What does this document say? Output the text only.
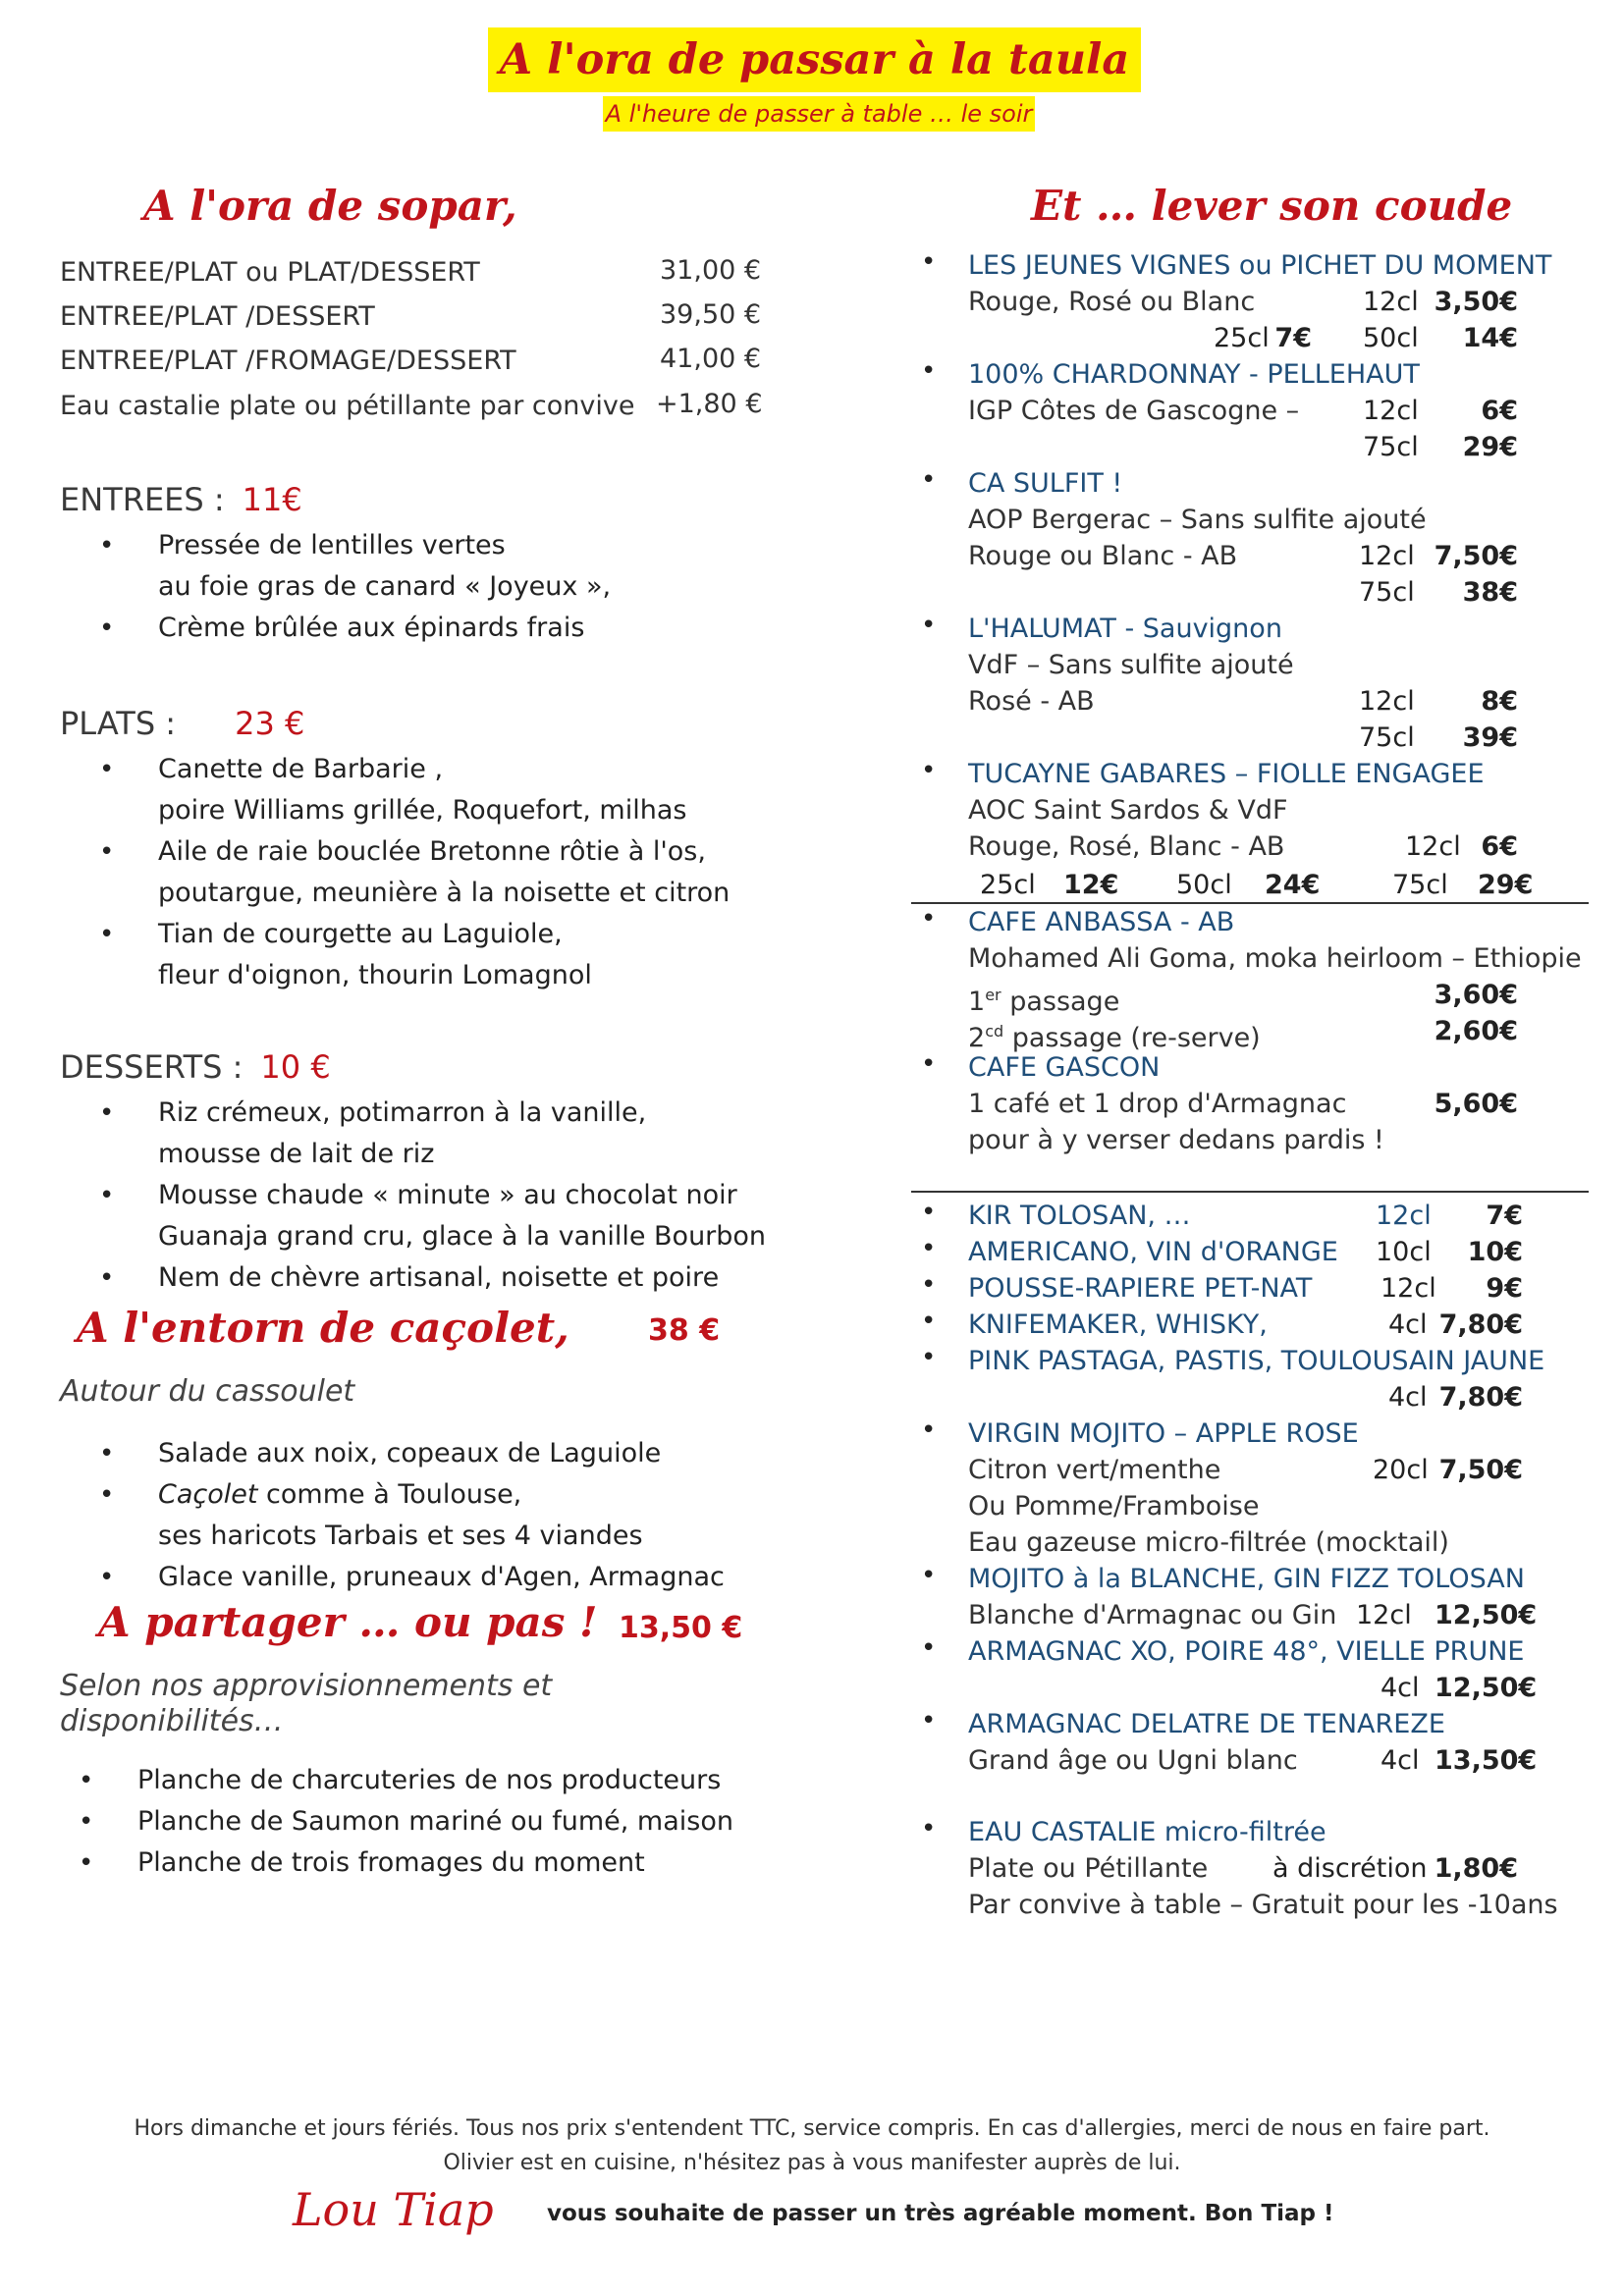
A l'ora de passar à la taula
A l'heure de passer à table … le soir
A l'ora de sopar,
ENTREE/PLAT ou PLAT/DESSERT	31,00 €
ENTREE/PLAT /DESSERT	39,50 €
ENTREE/PLAT /FROMAGE/DESSERT	41,00 €
Eau castalie plate ou pétillante par convive +1,80 €
ENTREES : 11€
• Pressée de lentilles vertes
au foie gras de canard « Joyeux »,
• Crème brûlée aux épinards frais
PLATS : 23 €
• Canette de Barbarie ,
poire Williams grillée, Roquefort, milhas
• Aile de raie bouclée Bretonne rôtie à l'os,
poutargue, meunière à la noisette et citron
• Tian de courgette au Laguiole,
fleur d'oignon, thourin Lomagnol
DESSERTS : 10 €
• Riz crémeux, potimarron à la vanille,
mousse de lait de riz
• Mousse chaude « minute » au chocolat noir
Guanaja grand cru, glace à la vanille Bourbon
• Nem de chèvre artisanal, noisette et poire
A l'entorn de caçolet,	38 €
Autour du cassoulet
• Salade aux noix, copeaux de Laguiole
• Caçolet comme à Toulouse,
ses haricots Tarbais et ses 4 viandes
• Glace vanille, pruneaux d'Agen, Armagnac
A partager … ou pas ! 13,50 €
Selon nos approvisionnements et
disponibilités…
• Planche de charcuteries de nos producteurs
• Planche de Saumon mariné ou fumé, maison
• Planche de trois fromages du moment
Et … lever son coude
• LES JEUNES VIGNES ou PICHET DU MOMENT
Rouge, Rosé ou Blanc	12cl 3,50€
25cl 7€ 50cl	14€
• 100% CHARDONNAY - PELLEHAUT
IGP Côtes de Gascogne – 12cl	6€
75cl	29€
• CA SULFIT !
AOP Bergerac – Sans sulfite ajouté
Rouge ou Blanc - AB	12cl 7,50€
75cl	38€
• L'HALUMAT - Sauvignon
VdF – Sans sulfite ajouté
Rosé - AB	12cl	8€
75cl	39€
• TUCAYNE GABARES – FIOLLE ENGAGEE
AOC Saint Sardos & VdF
Rouge, Rosé, Blanc - AB	12cl 6€
25cl 12€ 50cl 24€	75cl 29€
• CAFE ANBASSA - AB
Mohamed Ali Goma, moka heirloom – Ethiopie
1er passage	3,60€
$2^{cd}$ passage (re-serve)	2,60€
• CAFE GASCON
1 café et 1 drop d'Armagnac	5,60€
pour à y verser dedans pardis !
• KIR TOLOSAN, …	12cl	7€
• AMERICANO, VIN d'ORANGE 10cl	10€
• POUSSE-RAPIERE PET-NAT	12cl	9€
• KNIFEMAKER, WHISKY,	4cl 7,80€
• PINK PASTAGA, PASTIS, TOULOUSAIN JAUNE
4cl 7,80€
• VIRGIN MOJITO – APPLE ROSE
Citron vert/menthe	20cl 7,50€
Ou Pomme/Framboise
Eau gazeuse micro-filtrée (mocktail)
• MOJITO à la BLANCHE, GIN FIZZ TOLOSAN
Blanche d'Armagnac ou Gin 12cl 12,50€
• ARMAGNAC XO, POIRE 48°, VIELLE PRUNE
4cl 12,50€
• ARMAGNAC DELATRE DE TENAREZE
Grand âge ou Ugni blanc	4cl 13,50€
• EAU CASTALIE micro-filtrée
Plate ou Pétillante à discrétion 1,80€
Par convive à table – Gratuit pour les -10ans
Hors dimanche et jours fériés. Tous nos prix s'entendent TTC, service compris. En cas d'allergies, merci de nous en faire part.
Olivier est en cuisine, n'hésitez pas à vous manifester auprès de lui.
Lou Tiap vous souhaite de passer un très agréable moment. Bon Tiap !
